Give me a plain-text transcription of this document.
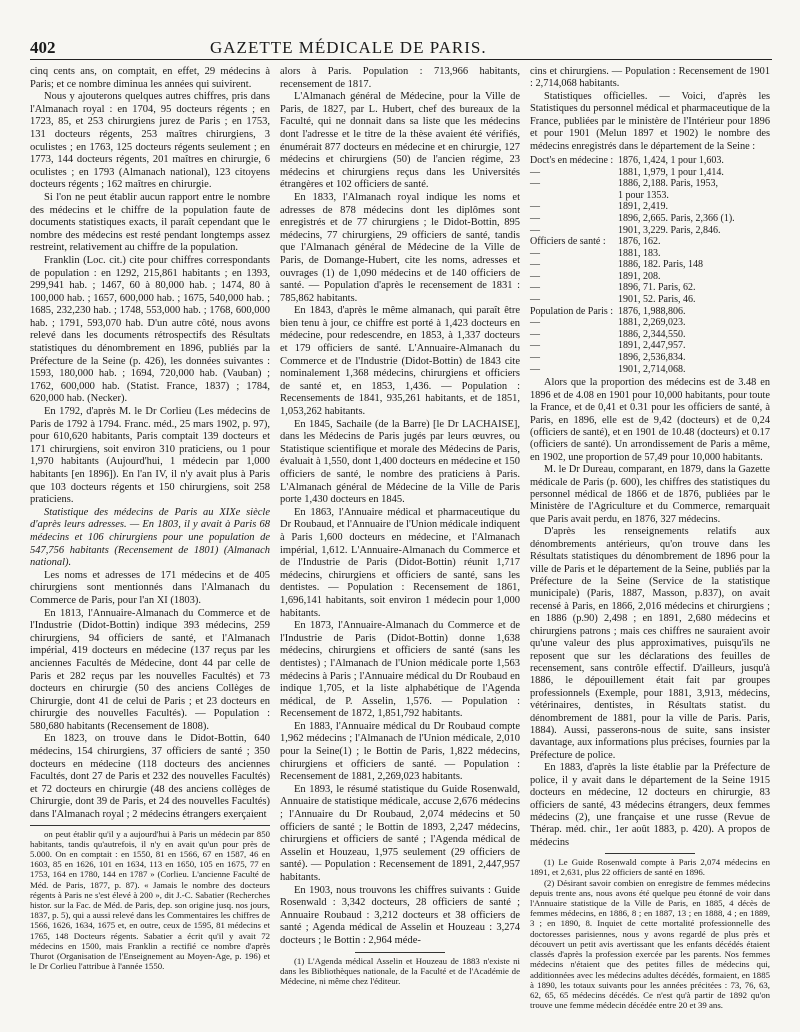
402	GAZETTE MÉDICALE DE PARIS.

cinq cents ans, on comptait, en effet, 29 médecins à Paris; et ce nombre diminua les années qui suivirent.

Nous y ajouterons quelques autres chiffres, pris dans l'Almanach royal : en 1704, 95 docteurs régents ; en 1723, 85, et 253 chirurgiens jurez de Paris ; en 1753, 131 docteurs régents, 253 maîtres chirurgiens, 3 oculistes ; en 1763, 125 docteurs régents seulement ; en 1773, 144 docteurs régents, 201 maîtres en chirurgie, 6 oculistes ; en 1793 (Almanach national), 123 citoyens docteurs régents ; 162 maîtres en chirurgie.

Si l'on ne peut établir aucun rapport entre le nombre des médecins et le chiffre de la population faute de documents statistiques exacts, il paraît cependant que le nombre des médecins est resté pendant longtemps assez restreint, relativement au chiffre de la population.

Franklin (Loc. cit.) cite pour chiffres correspondants de population : en 1292, 215,861 habitants ; en 1393, 299,941 hab. ; 1467, 60 à 80,000 hab. ; 1474, 80 à 100,000 hab. ; 1657, 600,000 hab. ; 1675, 540,000 hab. ; 1685, 232,230 hab. ; 1748, 553,000 hab. ; 1768, 600,000 hab. ; 1791, 593,070 hab. D'un autre côté, nous avons relevé dans les documents rétrospectifs des Résultats statistiques du dénombrement en 1896, publiés par la Préfecture de la Seine (p. 426), les données suivantes : 1593, 180,000 hab. ; 1694, 720,000 hab. (Vauban) ; 1762, 600,000 hab. (Statist. France, 1837) ; 1784, 620,000 hab. (Necker).

En 1792, d'après M. le Dr Corlieu (Les médecins de Paris de 1792 à 1794. Franc. méd., 25 mars 1902, p. 97), pour 610,620 habitants, Paris comptait 139 docteurs et 171 chirurgiens, soit environ 310 praticiens, ou 1 pour 1,970 habitants (Aujourd'hui, 1 médecin par 1,000 habitants [en 1896]). En l'an IV, il n'y avait plus à Paris que 103 docteurs régents et 150 chirurgiens, soit 258 praticiens.

Statistique des médecins de Paris au XIXe siècle d'après leurs adresses. — En 1803, il y avait à Paris 68 médecins et 106 chirurgiens pour une population de 547,756 habitants (Recensement de 1801) (Almanach national).

Les noms et adresses de 171 médecins et de 405 chirurgiens sont mentionnés dans l'Almanach du Commerce de Paris, pour l'an XI (1803).

En 1813, l'Annuaire-Almanach du Commerce et de l'Industrie (Didot-Bottin) indique 393 médecins, 259 chirurgiens, 94 officiers de santé, et l'Almanach impérial, 419 docteurs en médecine (137 reçus par les anciennes Facultés de Médecine, dont 44 par celle de Paris et 282 reçus par les nouvelles Facultés) et 73 docteurs en chirurgie (50 des anciens Collèges de Chirurgie, dont 41 de celui de Paris ; et 23 docteurs en chirurgie des nouvelles Facultés). — Population : 580,680 habitants (Recensement de 1808).

En 1823, on trouve dans le Didot-Bottin, 640 médecins, 154 chirurgiens, 37 officiers de santé ; 350 docteurs en médecine (118 docteurs des anciennes Facultés, dont 27 de Paris et 232 des nouvelles Facultés) et 72 docteurs en chirurgie (48 des anciens collèges de Chirurgie, dont 39 de Paris, et 24 des nouvelles Facultés) dans l'Almanach royal ; 2 médecins étrangers exerçaient

on peut établir qu'il y a aujourd'hui à Paris un médecin par 850 habitants, tandis qu'autrefois, il n'y en avait qu'un pour près de 5.000. On en comptait : en 1550, 81 en 1566, 67 en 1587, 46 en 1603, 85 en 1626, 101 en 1634, 113 en 1650, 105 en 1675, 77 en 1753, 164 en 1780, 144 en 1787 » (Corlieu. L'ancienne Faculté de Méd. de Paris, 1877, p. 87). « Jamais le nombre des docteurs régents à Paris ne s'est élevé à 200 », dit J.-C. Sabatier (Recherches histor. sur la Fac. de Méd. de Paris, dep. son origine jusq. nos jours, 1837, p. 5), qui a aussi relevé dans les Commentaires les chiffres de 1566, 1626, 1634, 1675 et, en outre, ceux de 1595, 81 médecins et 1765, 148 Docteurs régents. Sabatier a écrit qu'il y avait 72 médecins en 1500, mais Franklin a rectifié ce nombre d'après Thurot (Organisation de l'Enseignement au Moyen-Age, p. 196) et le Dr Corlieu l'attribue à l'année 1550.

alors à Paris. Population : 713,966 habitants, recensement de 1817.

L'Almanach général de Médecine, pour la Ville de Paris, de 1827, par L. Hubert, chef des bureaux de la Faculté, qui ne donnait dans sa liste que les médecins dont l'adresse et le titre de la thèse avaient été vérifiés, énumérait 877 docteurs en médecine et en chirurgie, 127 médecins et chirurgiens (50) de l'ancien régime, 23 médecins et chirurgiens reçus dans les Universités étrangères et 102 officiers de santé.

En 1833, l'Almanach royal indique les noms et adresses de 878 médecins dont les diplômes sont enregistrés et de 77 chirurgiens ; le Didot-Bottin, 895 médecins, 77 chirurgiens, 29 officiers de santé, tandis que l'Almanach général de Médecine de la Ville de Paris, de Domange-Hubert, cite les noms, adresses et ouvrages (1) de 1,090 médecins et de 140 officiers de santé. — Population d'après le recensement de 1831 : 785,862 habitants.

En 1843, d'après le même almanach, qui paraît être bien tenu à jour, ce chiffre est porté à 1,423 docteurs en médecine, pour redescendre, en 1853, à 1,337 docteurs et 179 officiers de santé. L'Annuaire-Almanach du Commerce et de l'Industrie (Didot-Bottin) de 1843 cite nominalement 1,368 médecins, chirurgiens et officiers de santé et, en 1853, 1,436. — Population : Recensements de 1841, 935,261 habitants, et de 1851, 1,053,262 habitants.

En 1845, Sachaile (de la Barre) [le Dr LACHAISE], dans les Médecins de Paris jugés par leurs œuvres, ou Statistique scientifique et morale des Médecins de Paris, évaluait à 1,550, dont 1,400 docteurs en médecine et 150 officiers de santé, le nombre des praticiens à Paris. L'Almanach général de Médecine de la Ville de Paris porte 1,430 docteurs en 1845.

En 1863, l'Annuaire médical et pharmaceutique du Dr Roubaud, et l'Annuaire de l'Union médicale indiquent à Paris 1,600 docteurs en médecine, et l'Almanach impérial, 1,612. L'Annuaire-Almanach du Commerce et de l'Industrie de Paris (Didot-Bottin) réunit 1,717 médecins, chirurgiens et officiers de santé, sans les dentistes. — Population : Recensement de 1861, 1,696,141 habitants, soit environ 1 médecin pour 1,000 habitants.

En 1873, l'Annuaire-Almanach du Commerce et de l'Industrie de Paris (Didot-Bottin) donne 1,638 médecins, chirurgiens et officiers de santé (sans les dentistes) ; l'Almanach de l'Union médicale porte 1,563 médecins à Paris ; l'Annuaire médical du Dr Roubaud en indique 1,705, et la liste alphabétique de l'Agenda médical, de P. Asselin, 1,576. — Population : Recensement de 1872, 1,851,792 habitants.

En 1883, l'Annuaire médical du Dr Roubaud compte 1,962 médecins ; l'Almanach de l'Union médicale, 2,010 pour la Seine(1) ; le Bottin de Paris, 1,822 médecins, chirurgiens et officiers de santé. — Population : Recensement de 1881, 2,269,023 habitants.

En 1893, le résumé statistique du Guide Rosenwald, Annuaire de statistique médicale, accuse 2,676 médecins ; l'Annuaire du Dr Roubaud, 2,074 médecins et 50 officiers de santé ; le Bottin de 1893, 2,247 médecins, chirurgiens et officiers de santé ; l'Agenda médical de Asselin et Houzeau, 1,975 seulement (29 officiers de santé). — Population : Recensement de 1891, 2,447,957 habitants.

En 1903, nous trouvons les chiffres suivants : Guide Rosenwald : 3,342 docteurs, 28 officiers de santé ; Annuaire Roubaud : 3,212 docteurs et 38 officiers de santé ; Agenda médical de Asselin et Houzeau : 3,274 docteurs ; le Bottin : 2,964 méde-

(1) L'Agenda médical Asselin et Houzeau de 1883 n'existe ni dans les Bibliothèques nationale, de la Faculté et de l'Académie de Médecine, ni même chez l'éditeur.

cins et chirurgiens. — Population : Recensement de 1901 : 2,714,068 habitants.

Statistiques officielles. — Voici, d'après les Statistiques du personnel médical et pharmaceutique de la France, publiées par le ministère de l'Intérieur pour 1896 et pour 1901 (Melun 1897 et 1902) le nombre des médecins enregistrés dans le département de la Seine :

Doct's en médecine : 1876, 1,424, 1 pour 1,603.
—	1881, 1,979, 1 pour 1,414.
—	1886, 2,188. Paris, 1953,
1 pour 1353.
—	1891, 2,419.
—	1896, 2,665. Paris, 2,366 (1).
—	1901, 3,229. Paris, 2,846.
Officiers de santé :	1876, 162.
—	1881, 183.
—	1886, 182. Paris, 148
—	1891, 208.
—	1896, 71. Paris, 62.
—	1901, 52. Paris, 46.
Population de Paris : 1876, 1,988,806.
—	1881, 2,269,023.
—	1886, 2,344,550.
—	1891, 2,447,957.
—	1896, 2,536,834.
—	1901, 2,714,068.

Alors que la proportion des médecins est de 3.48 en 1896 et de 4.08 en 1901 pour 10,000 habitants, pour toute la France, et de 0,41 et 0.31 pour les officiers de santé, à Paris, en 1896, elle est de 9,42 (docteurs) et de 0,24 (officiers de santé), et en 1901 de 10.48 (docteurs) et 0.17 (officiers de santé). Un arrondissement de Paris a même, en 1902, une proportion de 57,49 pour 10,000 habitants.

M. le Dr Dureau, comparant, en 1879, dans la Gazette médicale de Paris (p. 600), les chiffres des statistiques du personnel médical de 1866 et de 1876, publiées par le Ministère de l'Agriculture et du Commerce, remarquait que Paris avait perdu, en 1876, 327 médecins.

D'après les renseignements relatifs aux dénombrements antérieurs, qu'on trouve dans les Résultats statistiques du dénombrement de 1896 pour la ville de Paris et le département de la Seine, publiés par la Préfecture de la Seine (Service de la statistique municipale) (Paris, 1887, Masson, p.837), on avait recensé à Paris, en 1866, 2,016 médecins et chirurgiens ; en 1886 (p.90) 2,498 ; en 1891, 2,680 médecins et chirurgiens patrons ; mais ces chiffres ne sauraient avoir qu'une valeur des plus approximatives, puisqu'ils ne reposent que sur les déclarations des feuilles de recensement, sans contrôle effectif. D'ailleurs, jusqu'à 1886, le dépouillement était fait par groupes professionnels (Exemple, pour 1881, 3,913, médecins, vétérinaires, dentistes, in Résultats statist. du dénombrement de 1881, pour la ville de Paris. Paris, 1884). Aussi, passerons-nous de suite, sans insister davantage, aux informations plus précises, fournies par la Préfecture de police.

En 1883, d'après la liste établie par la Préfecture de police, il y avait dans le département de la Seine 1915 docteurs en médecine, 12 docteurs en chirurgie, 83 officiers de santé, 43 médecins étrangers, deux femmes médecins (2), une française et une russe (Revue de Thérap. méd. chir., 1er août 1883, p. 420). A propos de médecins

(1) Le Guide Rosenwald compte à Paris 2,074 médecins en 1891, et 2,631, plus 22 officiers de santé en 1896.

(2) Désirant savoir combien on enregistre de femmes médecins depuis trente ans, nous avons été quelque peu étonné de voir dans l'Annuaire statistique de la Ville de Paris, en 1885, 4 décès de femmes médecins, en 1886, 8 ; en 1887, 13 ; en 1888, 4 ; en 1889, 3 ; en 1890, 8. Inquiet de cette mortalité professionnelle des doctoresses parisiennes, nous y avons regardé de plus près et découvert un petit avis avertissant que les enfants décédés étaient classés d'après la profession exercée par les parents. Nos femmes médecins n'étaient que des petites filles de médecins qui, additionnées avec les médecins adultes décédés, formaient, en 1885 à 1890, les totaux suivants pour les années précitées : 73, 76, 63, 62, 65, 65 médecins décédés. Ce n'est qu'à partir de 1892 qu'on trouve une femme médecin décédée entre 20 et 39 ans.
